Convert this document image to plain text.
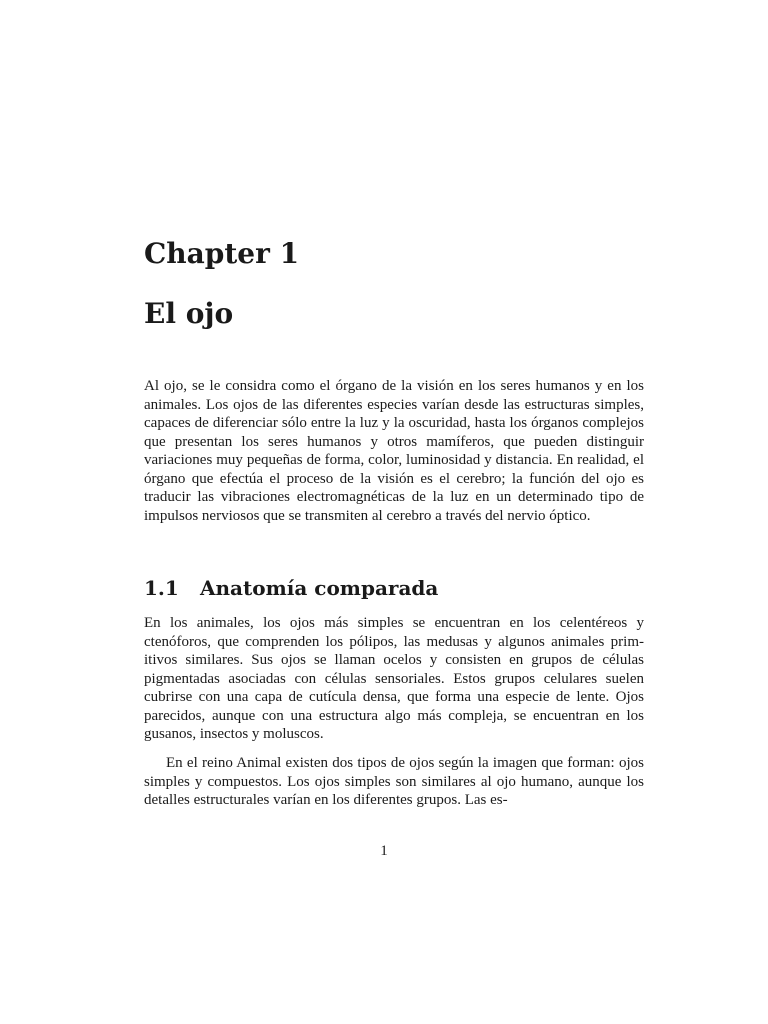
Chapter 1
El ojo

Al ojo, se le considra como el órgano de la visión en los seres humanos y en los animales. Los ojos de las diferentes especies varían desde las estructuras simples, capaces de diferenciar sólo entre la luz y la oscuridad, hasta los órganos complejos que presentan los seres humanos y otros mamíferos, que pueden distinguir variaciones muy pequeñas de forma, color, luminosidad y distancia. En realidad, el órgano que efectúa el proceso de la visión es el cerebro; la función del ojo es traducir las vibraciones electromagnéticas de la luz en un determinado tipo de impulsos nerviosos que se transmiten al cerebro a través del nervio óptico.

1.1 Anatomía comparada

En los animales, los ojos más simples se encuentran en los celentéreos y ctenóforos, que comprenden los pólipos, las medusas y algunos animales primitivos similares. Sus ojos se llaman ocelos y consisten en grupos de células pigmentadas asociadas con células sensoriales. Estos grupos celulares suelen cubrirse con una capa de cutícula densa, que forma una especie de lente. Ojos parecidos, aunque con una estructura algo más compleja, se encuentran en los gusanos, insectos y moluscos.

En el reino Animal existen dos tipos de ojos según la imagen que forman: ojos simples y compuestos. Los ojos simples son similares al ojo humano, aunque los detalles estructurales varían en los diferentes grupos. Las es-

1
